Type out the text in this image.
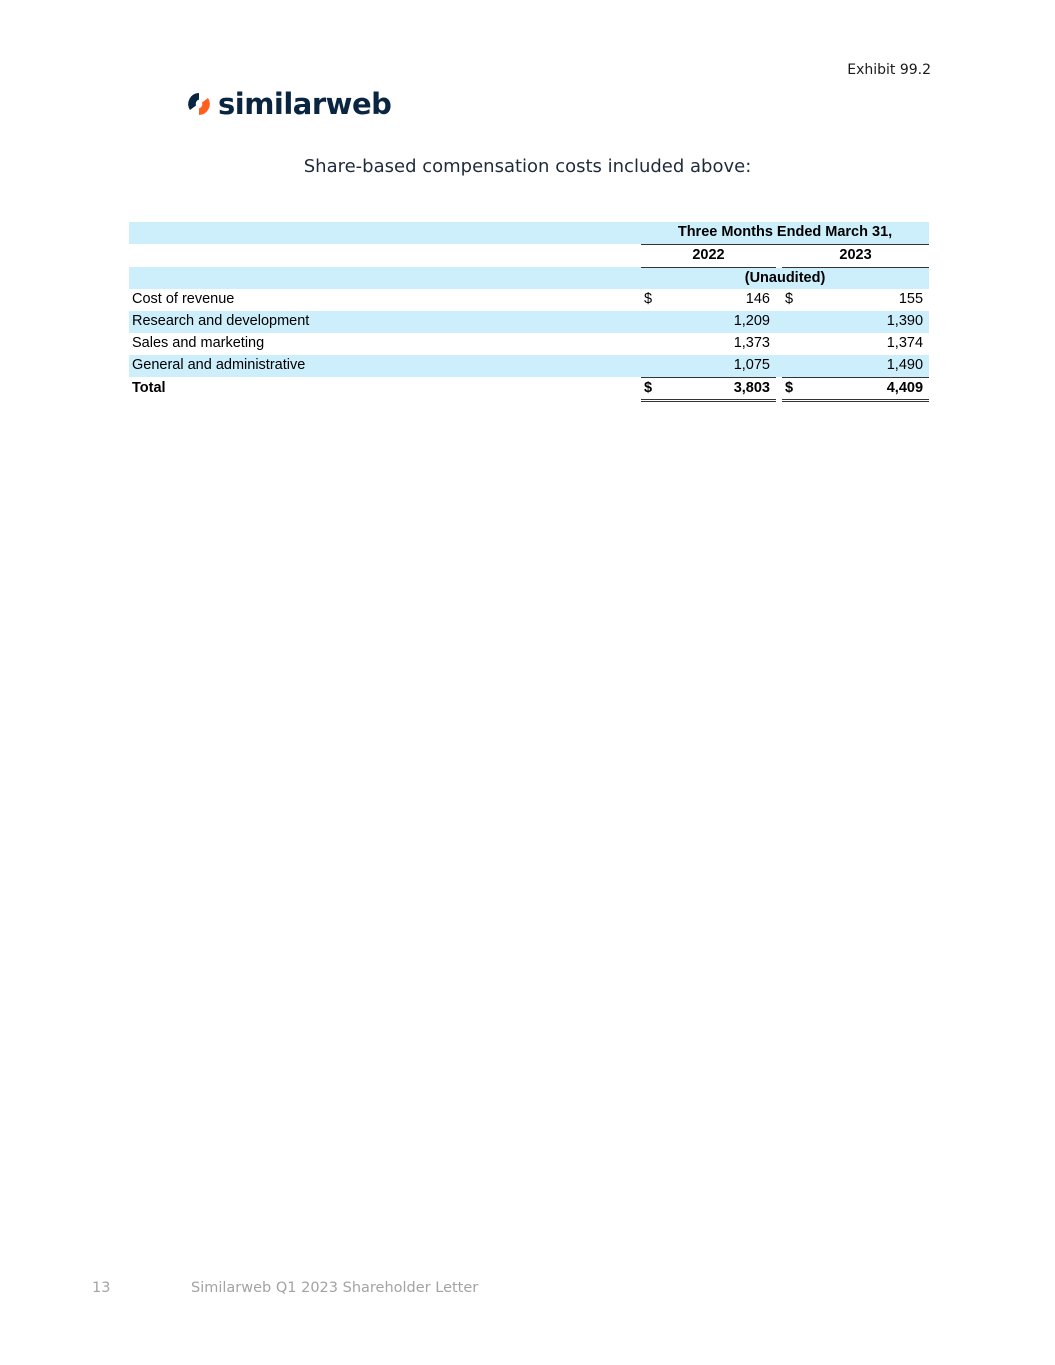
Exhibit 99.2
similarweb
Share-based compensation costs included above:
		Three Months Ended March 31,				
		2022			2023	
		(Unaudited)				
Cost of revenue		$	146		$	155
Research and development			1,209			1,390
Sales and marketing			1,373			1,374
General and administrative			1,075			1,490
Total		$	3,803		$	4,409
13	Similarweb Q1 2023 Shareholder Letter
